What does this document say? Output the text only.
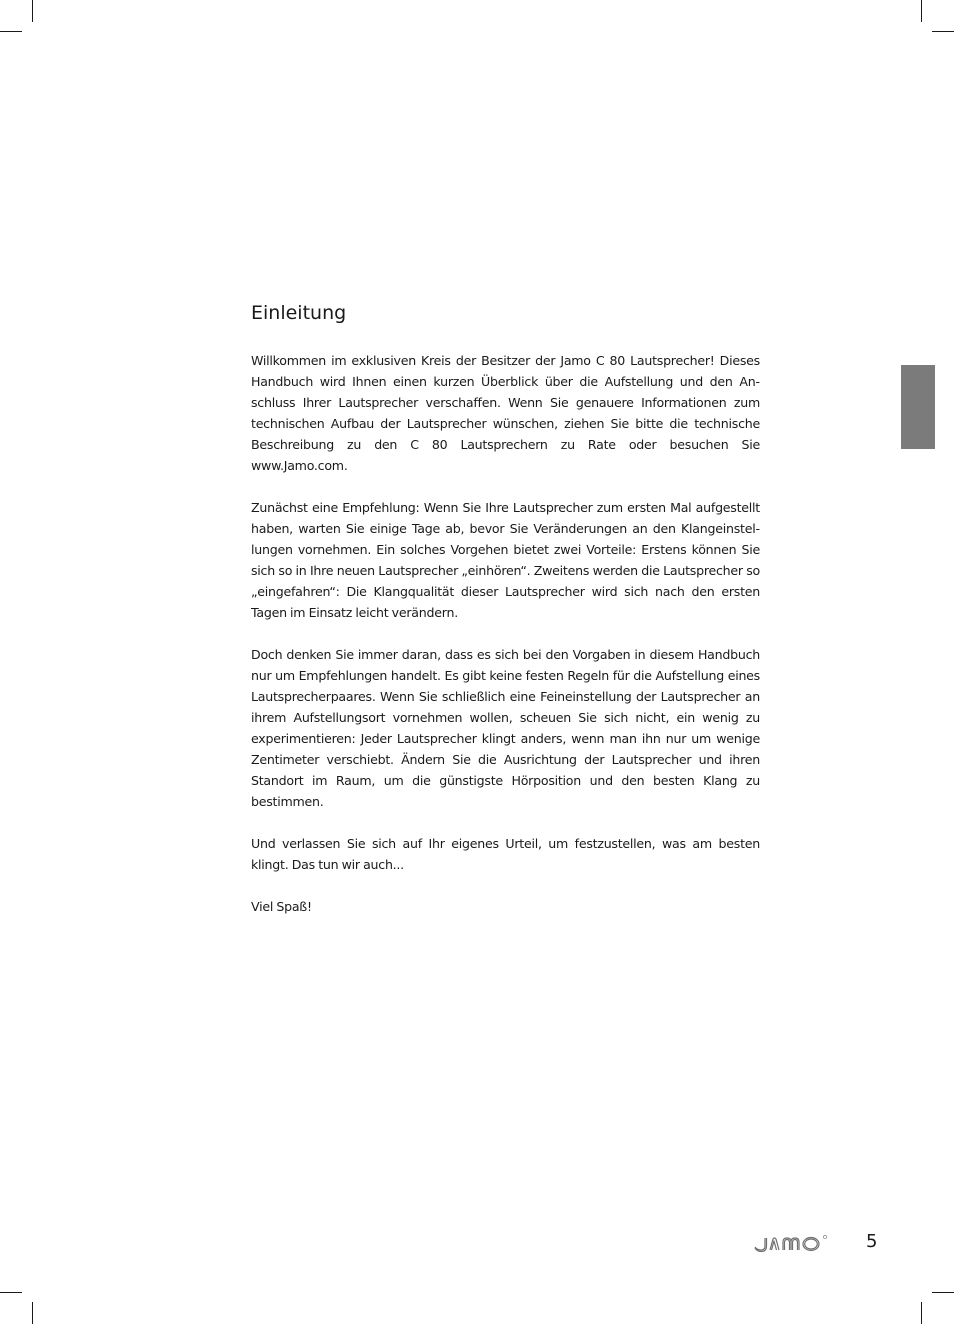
Einleitung

Willkommen im exklusiven Kreis der Besitzer der Jamo C 80 Lautsprecher! Dieses Handbuch wird Ihnen einen kurzen Überblick über die Aufstellung und den Anschluss Ihrer Lautsprecher verschaffen. Wenn Sie genauere Informationen zum technischen Aufbau der Lautsprecher wünschen, ziehen Sie bitte die technische Beschreibung zu den C 80 Lautsprechern zu Rate oder besuchen Sie www.Jamo.com.

Zunächst eine Empfehlung: Wenn Sie Ihre Lautsprecher zum ersten Mal aufgestellt haben, warten Sie einige Tage ab, bevor Sie Veränderungen an den Klangeinstellungen vornehmen. Ein solches Vorgehen bietet zwei Vorteile: Erstens können Sie sich so in Ihre neuen Lautsprecher „einhören“. Zweitens werden die Lautsprecher so „eingefahren“: Die Klangqualität dieser Lautsprecher wird sich nach den ersten Tagen im Einsatz leicht verändern.

Doch denken Sie immer daran, dass es sich bei den Vorgaben in diesem Handbuch nur um Empfehlungen handelt. Es gibt keine festen Regeln für die Aufstellung eines Lautsprecherpaares. Wenn Sie schließlich eine Feineinstellung der Lautsprecher an ihrem Aufstellungsort vornehmen wollen, scheuen Sie sich nicht, ein wenig zu experimentieren: Jeder Lautsprecher klingt anders, wenn man ihn nur um wenige Zentimeter verschiebt. Ändern Sie die Ausrichtung der Lautsprecher und ihren Standort im Raum, um die günstigste Hörposition und den besten Klang zu bestimmen.

Und verlassen Sie sich auf Ihr eigenes Urteil, um festzustellen, was am besten klingt. Das tun wir auch...

Viel Spaß!

5
